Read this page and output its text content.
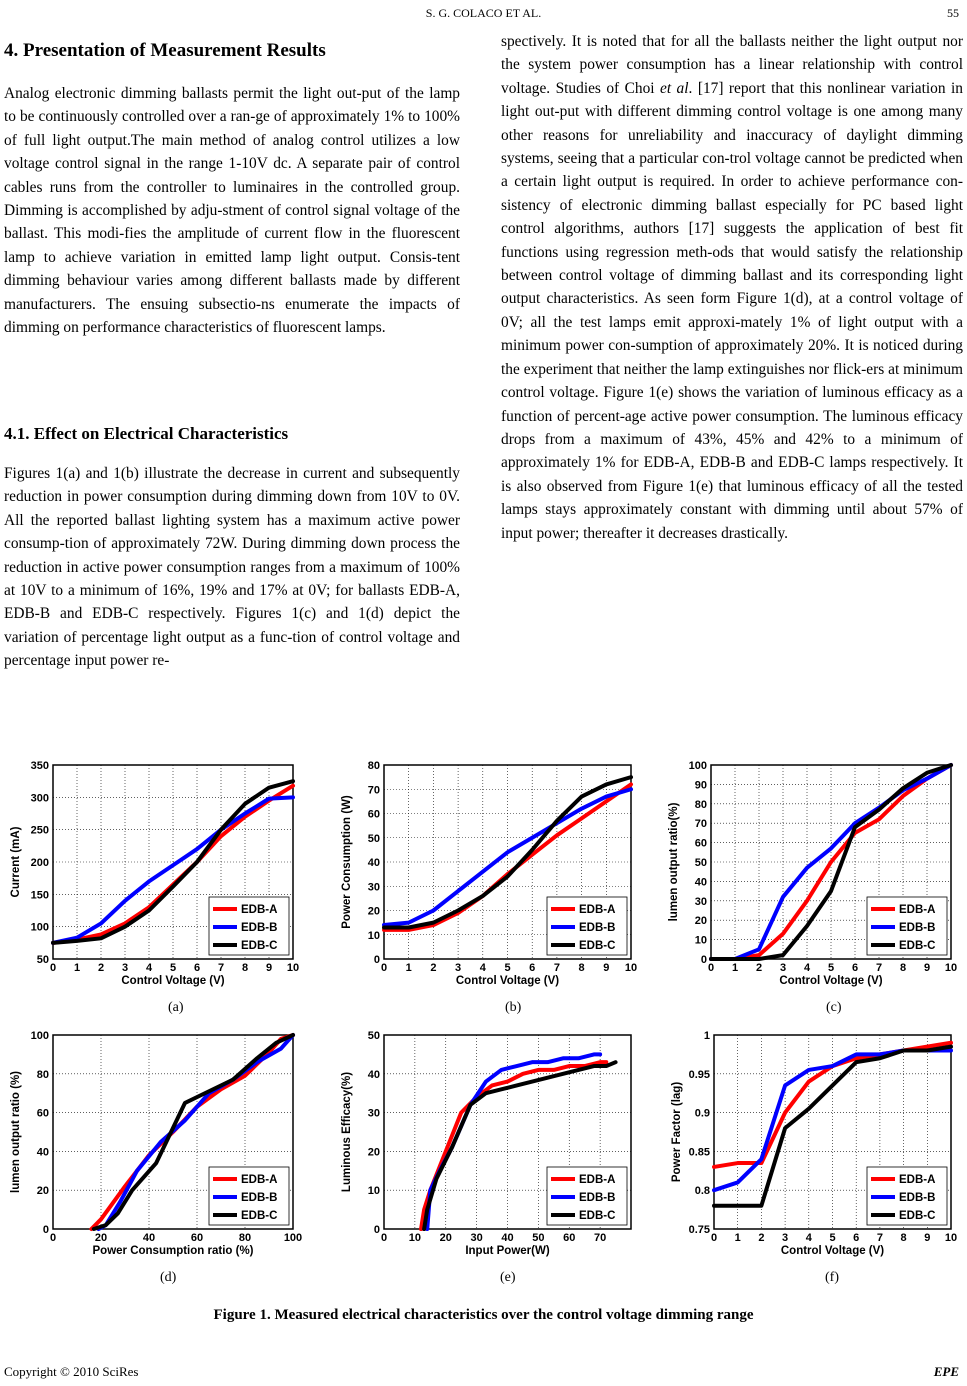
S. G. COLACO ET AL.	55
4. Presentation of Measurement Results

Analog electronic dimming ballasts permit the light out-put of the lamp to be continuously controlled over a ran-ge of approximately 1% to 100% of full light output.The main method of analog control utilizes a low voltage control signal in the range 1-10V dc. A separate pair of control cables runs from the controller to luminaires in the controlled group. Dimming is accomplished by adju-stment of control signal voltage of the ballast. This modi-fies the amplitude of current flow in the fluorescent lamp to achieve variation in emitted lamp light output. Consis-tent dimming behaviour varies among different ballasts made by different manufacturers. The ensuing subsectio-ns enumerate the impacts of dimming on performance characteristics of fluorescent lamps.

4.1. Effect on Electrical Characteristics

Figures 1(a) and 1(b) illustrate the decrease in current and subsequently reduction in power consumption during dimming down from 10V to 0V. All the reported ballast lighting system has a maximum active power consump-tion of approximately 72W. During dimming down process the reduction in active power consumption ranges from a maximum of 100% at 10V to a minimum of 16%, 19% and 17% at 0V; for ballasts EDB-A, EDB-B and EDB-C respectively. Figures 1(c) and 1(d) depict the variation of percentage light output as a func-tion of control voltage and percentage input power re-

spectively. It is noted that for all the ballasts neither the light output nor the system power consumption has a linear relationship with control voltage. Studies of Choi et al. [17] report that this nonlinear variation in light out-put with different dimming control voltage is one among many other reasons for unreliability and inaccuracy of daylight dimming systems, seeing that a particular con-trol voltage cannot be predicted when a certain light output is required. In order to achieve performance con-sistency of electronic dimming ballast especially for PC based light control algorithms, authors [17] suggests the application of best fit functions using regression meth-ods that would satisfy the relationship between control voltage of dimming ballast and its corresponding light output characteristics. As seen form Figure 1(d), at a control voltage of 0V; all the test lamps emit approxi-mately 1% of light output with a minimum power con-sumption of approximately 20%. It is noticed during the experiment that neither the lamp extinguishes nor flick-ers at minimum control voltage. Figure 1(e) shows the variation of luminous efficacy as a function of percent-age active power consumption. The luminous efficacy drops from a maximum of 43%, 45% and 42% to a minimum of approximately 1% for EDB-A, EDB-B and EDB-C lamps respectively. It is also observed from Figure 1(e) that luminous efficacy of all the tested lamps stays approximately constant with dimming until about 57% of input power; thereafter it decreases drastically.

0 1 2 3 4 5 6 7 8 9 10
50
100
150
200
250
300
350
Control Voltage (V)
Current (mA)
EDB-A
EDB-B
EDB-C
(a)
0 1 2 3 4 5 6 7 8 9 10
0
10
20
30
40
50
60
70
80
Control Voltage (V)
Power Consumption (W)	EDB-A
EDB-B
EDB-C
(b)
0 1 2 3 4 5 6 7 8 9 10
0
10
20
30
40
50
60
70
80
90
100
Control Voltage (V)
lumen output ratio(%)	EDB-A
EDB-B
EDB-C
(c)
0	20	40	60	80	100
0
20
40
60
80
100
Power Consumption ratio (%)
lumen output ratio (%)	EDB-A
EDB-B
EDB-C
(d)
0 10 20 30 40 50 60 70
0
10
20
30
40
50
Input Power(W)
Luminous Efficacy(%)	EDB-A
EDB-B
EDB-C
(e)
0 1 2 3 4 5 6 7 8 9 10
0.75
0.8
0.85
0.9
0.95
1
Control Voltage (V)
Power Factor (lag)	EDB-A
EDB-B
EDB-C
(f)
Figure 1. Measured electrical characteristics over the control voltage dimming range
Copyright © 2010 SciRes	EPE
